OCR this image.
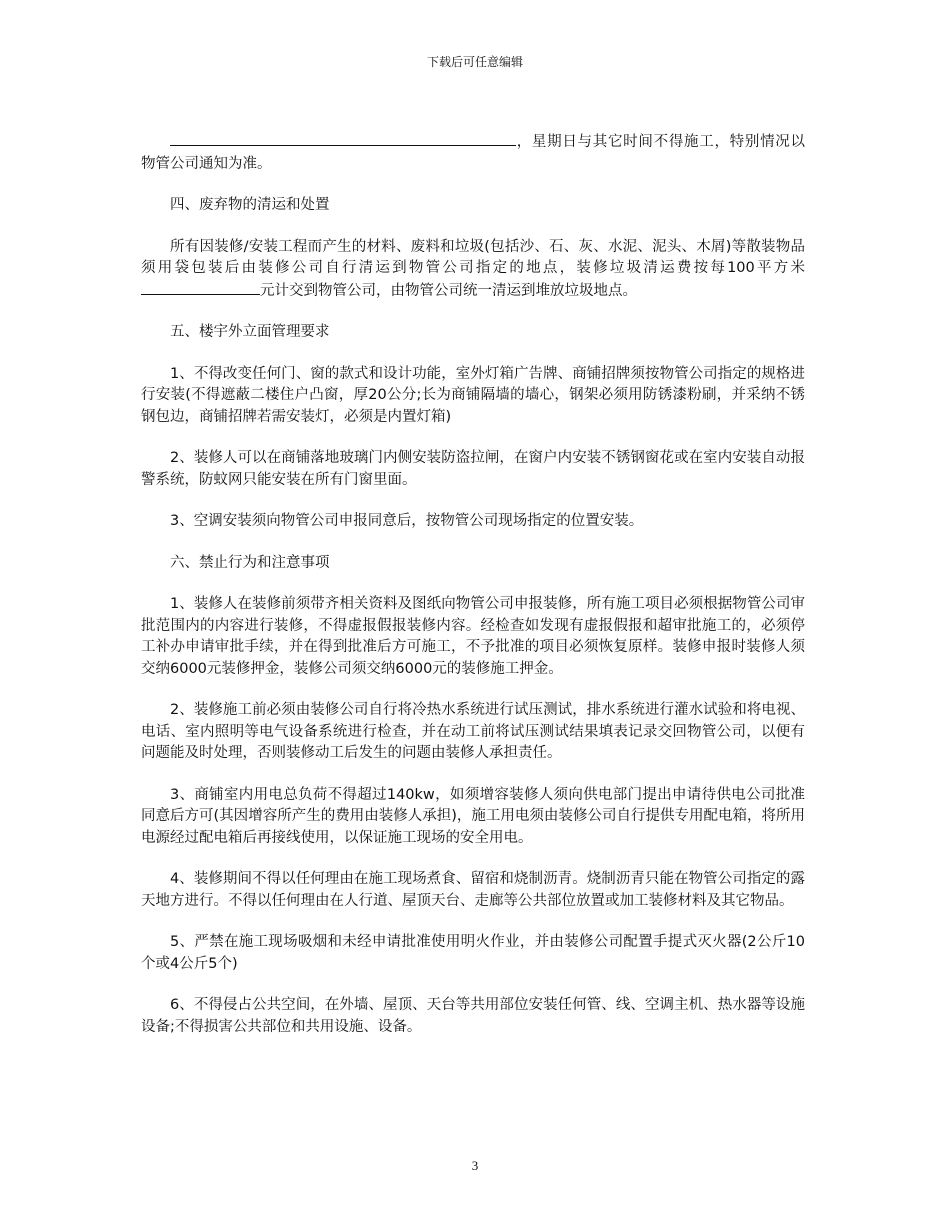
下载后可任意编辑

，星期日与其它时间不得施工，特别情况以物管公司通知为准。

四、废弃物的清运和处置

所有因装修/安装工程而产生的材料、废料和垃圾(包括沙、石、灰、水泥、泥头、木屑)等散装物品须用袋包装后由装修公司自行清运到物管公司指定的地点，装修垃圾清运费按每100平方米元计交到物管公司，由物管公司统一清运到堆放垃圾地点。

五、楼宇外立面管理要求

1、不得改变任何门、窗的款式和设计功能，室外灯箱广告牌、商铺招牌须按物管公司指定的规格进行安装(不得遮蔽二楼住户凸窗，厚20公分;长为商铺隔墙的墙心，钢架必须用防锈漆粉刷，并采纳不锈钢包边，商铺招牌若需安装灯，必须是内置灯箱)

2、装修人可以在商铺落地玻璃门内侧安装防盗拉闸，在窗户内安装不锈钢窗花或在室内安装自动报警系统，防蚊网只能安装在所有门窗里面。

3、空调安装须向物管公司申报同意后，按物管公司现场指定的位置安装。

六、禁止行为和注意事项

1、装修人在装修前须带齐相关资料及图纸向物管公司申报装修，所有施工项目必须根据物管公司审批范围内的内容进行装修，不得虚报假报装修内容。经检查如发现有虚报假报和超审批施工的，必须停工补办申请审批手续，并在得到批准后方可施工，不予批准的项目必须恢复原样。装修申报时装修人须交纳6000元装修押金，装修公司须交纳6000元的装修施工押金。

2、装修施工前必须由装修公司自行将冷热水系统进行试压测试，排水系统进行灌水试验和将电视、电话、室内照明等电气设备系统进行检查，并在动工前将试压测试结果填表记录交回物管公司，以便有问题能及时处理，否则装修动工后发生的问题由装修人承担责任。

3、商铺室内用电总负荷不得超过140kw，如须增容装修人须向供电部门提出申请待供电公司批准同意后方可(其因增容所产生的费用由装修人承担)，施工用电须由装修公司自行提供专用配电箱，将所用电源经过配电箱后再接线使用，以保证施工现场的安全用电。

4、装修期间不得以任何理由在施工现场煮食、留宿和烧制沥青。烧制沥青只能在物管公司指定的露天地方进行。不得以任何理由在人行道、屋顶天台、走廊等公共部位放置或加工装修材料及其它物品。

5、严禁在施工现场吸烟和未经申请批准使用明火作业，并由装修公司配置手提式灭火器(2公斤10个或4公斤5个)

6、不得侵占公共空间，在外墙、屋顶、天台等共用部位安装任何管、线、空调主机、热水器等设施设备;不得损害公共部位和共用设施、设备。

3
